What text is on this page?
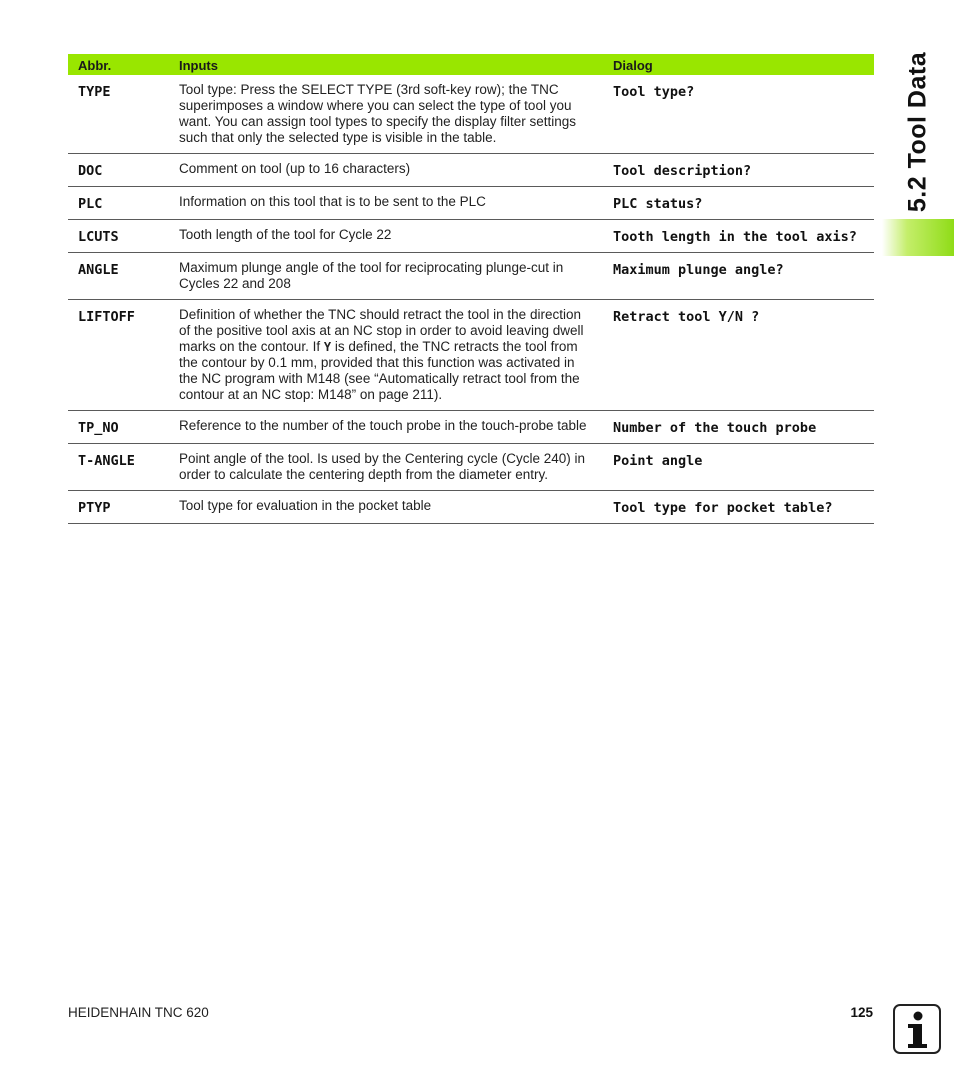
5.2 Tool Data
Abbr.	Inputs	Dialog
TYPE	Tool type: Press the SELECT TYPE (3rd soft-key row); the TNC superimposes a window where you can select the type of tool you want. You can assign tool types to specify the display filter settings such that only the selected type is visible in the table.	Tool type?
DOC	Comment on tool (up to 16 characters)	Tool description?
PLC	Information on this tool that is to be sent to the PLC	PLC status?
LCUTS	Tooth length of the tool for Cycle 22	Tooth length in the tool axis?
ANGLE	Maximum plunge angle of the tool for reciprocating plunge-cut in Cycles 22 and 208	Maximum plunge angle?
LIFTOFF	Definition of whether the TNC should retract the tool in the direction of the positive tool axis at an NC stop in order to avoid leaving dwell marks on the contour. If Y is defined, the TNC retracts the tool from the contour by 0.1 mm, provided that this function was activated in the NC program with M148 (see “Automatically retract tool from the contour at an NC stop: M148” on page 211).	Retract tool Y/N ?
TP_NO	Reference to the number of the touch probe in the touch-probe table	Number of the touch probe
T-ANGLE	Point angle of the tool. Is used by the Centering cycle (Cycle 240) in order to calculate the centering depth from the diameter entry.	Point angle
PTYP	Tool type for evaluation in the pocket table	Tool type for pocket table?
HEIDENHAIN TNC 620	125
